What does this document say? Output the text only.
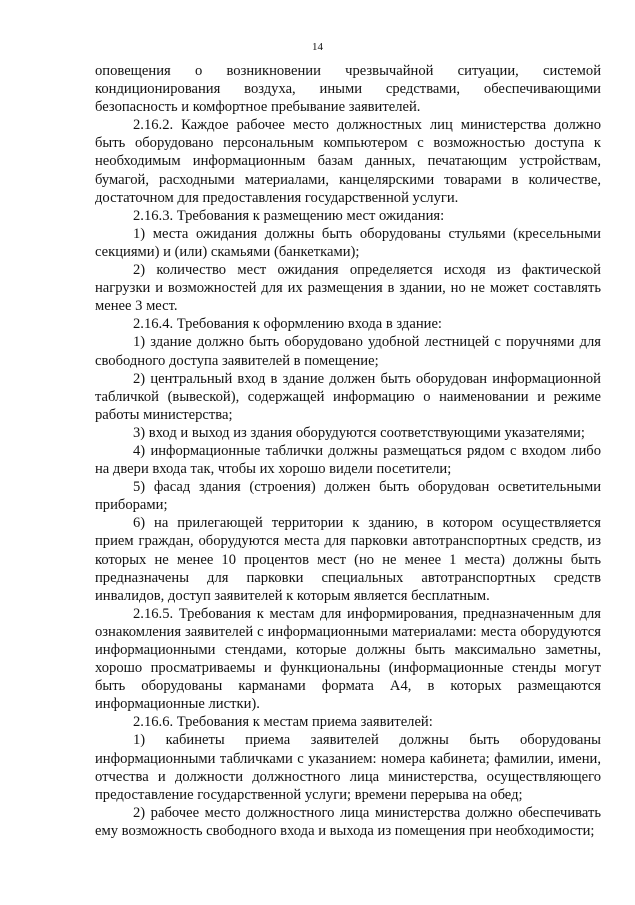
14

оповещения о возникновении чрезвычайной ситуации, системой кондиционирования воздуха, иными средствами, обеспечивающими безопасность и комфортное пребывание заявителей.

2.16.2. Каждое рабочее место должностных лиц министерства должно быть оборудовано персональным компьютером с возможностью доступа к необходимым информационным базам данных, печатающим устройствам, бумагой, расходными материалами, канцелярскими товарами в количестве, достаточном для предоставления государственной услуги.

2.16.3. Требования к размещению мест ожидания:

1) места ожидания должны быть оборудованы стульями (кресельными секциями) и (или) скамьями (банкетками);

2) количество мест ожидания определяется исходя из фактической нагрузки и возможностей для их размещения в здании, но не может составлять менее 3 мест.

2.16.4. Требования к оформлению входа в здание:

1) здание должно быть оборудовано удобной лестницей с поручнями для свободного доступа заявителей в помещение;

2) центральный вход в здание должен быть оборудован информационной табличкой (вывеской), содержащей информацию о наименовании и режиме работы министерства;

3) вход и выход из здания оборудуются соответствующими указателями;

4) информационные таблички должны размещаться рядом с входом либо на двери входа так, чтобы их хорошо видели посетители;

5) фасад здания (строения) должен быть оборудован осветительными приборами;

6) на прилегающей территории к зданию, в котором осуществляется прием граждан, оборудуются места для парковки автотранспортных средств, из которых не менее 10 процентов мест (но не менее 1 места) должны быть предназначены для парковки специальных автотранспортных средств инвалидов, доступ заявителей к которым является бесплатным.

2.16.5. Требования к местам для информирования, предназначенным для ознакомления заявителей с информационными материалами: места оборудуются информационными стендами, которые должны быть максимально заметны, хорошо просматриваемы и функциональны (информационные стенды могут быть оборудованы карманами формата А4, в которых размещаются информационные листки).

2.16.6. Требования к местам приема заявителей:

1) кабинеты приема заявителей должны быть оборудованы информационными табличками с указанием: номера кабинета; фамилии, имени, отчества и должности должностного лица министерства, осуществляющего предоставление государственной услуги; времени перерыва на обед;

2) рабочее место должностного лица министерства должно обеспечивать ему возможность свободного входа и выхода из помещения при необходимости;
